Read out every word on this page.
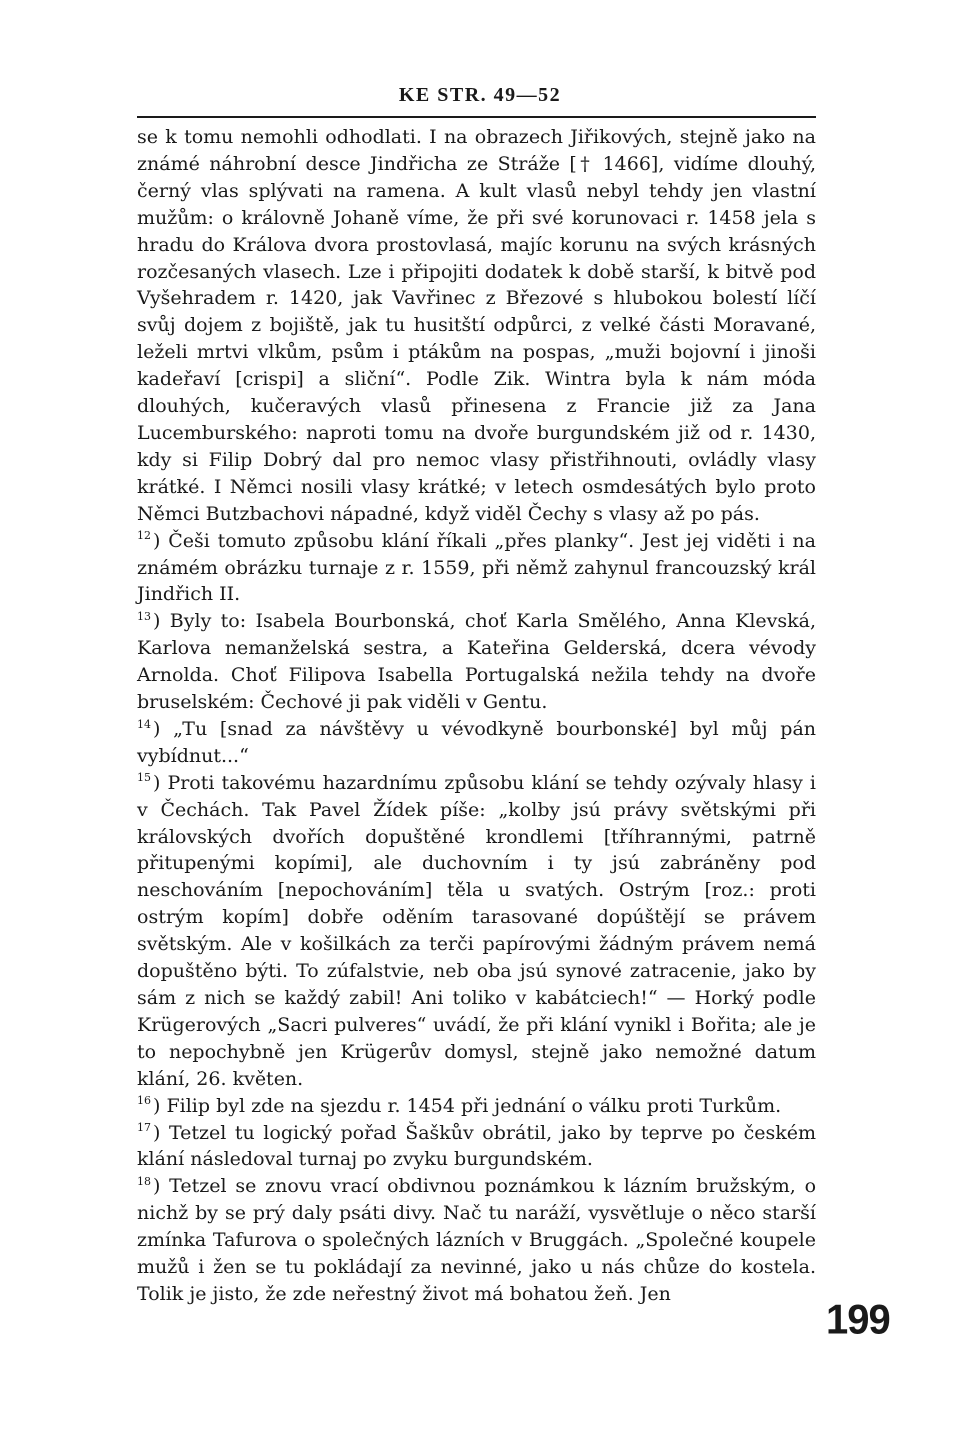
KE STR. 49—52

se k tomu nemohli odhodlati. I na obrazech Jiřikových, stejně jako na známé náhrobní desce Jindřicha ze Stráže [† 1466], vidíme dlouhý, černý vlas splývati na ramena. A kult vlasů nebyl tehdy jen vlastní mužům: o královně Johaně víme, že při své korunovaci r. 1458 jela s hradu do Králova dvora prostovlasá, majíc korunu na svých krásných rozčesaných vlasech. Lze i připojiti dodatek k době starší, k bitvě pod Vyšehradem r. 1420, jak Vavřinec z Březové s hlubokou bolestí líčí svůj dojem z bojiště, jak tu husitští odpůrci, z velké části Moravané, leželi mrtvi vlkům, psům i ptákům na pospas, „muži bojovní i jinoši kadeřaví [crispi] a sliční“. Podle Zik. Wintra byla k nám móda dlouhých, kučeravých vlasů přinesena z Francie již za Jana Lucemburského: naproti tomu na dvoře burgundském již od r. 1430, kdy si Filip Dobrý dal pro nemoc vlasy přistřihnouti, ovládly vlasy krátké. I Němci nosili vlasy krátké; v letech osmdesátých bylo proto Němci Butzbachovi nápadné, když viděl Čechy s vlasy až po pás.

$^{12}$ ) Češi tomuto způsobu klání říkali „přes planky“. Jest jej viděti i na známém obrázku turnaje z r. 1559, při němž zahynul francouzský král Jindřich II.

$^{13}$ ) Byly to: Isabela Bourbonská, choť Karla Smělého, Anna Klevská, Karlova nemanželská sestra, a Kateřina Gelderská, dcera vévody Arnolda. Choť Filipova Isabella Portugalská nežila tehdy na dvoře bruselském: Čechové ji pak viděli v Gentu.

$^{14}$ ) „Tu [snad za návštěvy u vévodkyně bourbonské] byl můj pán vybídnut...“

$^{15}$ ) Proti takovému hazardnímu způsobu klání se tehdy ozývaly hlasy i v Čechách. Tak Pavel Žídek píše: „kolby jsú právy světskými při královských dvořích dopuštěné krondlemi [tříhrannými, patrně přitupenými kopími], ale duchovním i ty jsú zabráněny pod neschováním [nepochováním] těla u svatých. Ostrým [roz.: proti ostrým kopím] dobře oděním tarasované dopúštějí se právem světským. Ale v košilkách za terči papírovými žádným právem nemá dopuštěno býti. To zúfalstvie, neb oba jsú synové zatracenie, jako by sám z nich se každý zabil! Ani toliko v kabátciech!“ — Horký podle Krügerových „Sacri pulveres“ uvádí, že při klání vynikl i Bořita; ale je to nepochybně jen Krügerův domysl, stejně jako nemožné datum klání, 26. květen.

$^{16}$ ) Filip byl zde na sjezdu r. 1454 při jednání o válku proti Turkům.

$^{17}$ ) Tetzel tu logický pořad Šaškův obrátil, jako by teprve po českém klání následoval turnaj po zvyku burgundském.

$^{18}$ ) Tetzel se znovu vrací obdivnou poznámkou k lázním bružským, o nichž by se prý daly psáti divy. Nač tu naráží, vysvětluje o něco starší zmínka Tafurova o společných lázních v Bruggách. „Společné koupele mužů i žen se tu pokládají za nevinné, jako u nás chůze do kostela. Tolik je jisto, že zde neřestný život má bohatou žeň. Jen

199
